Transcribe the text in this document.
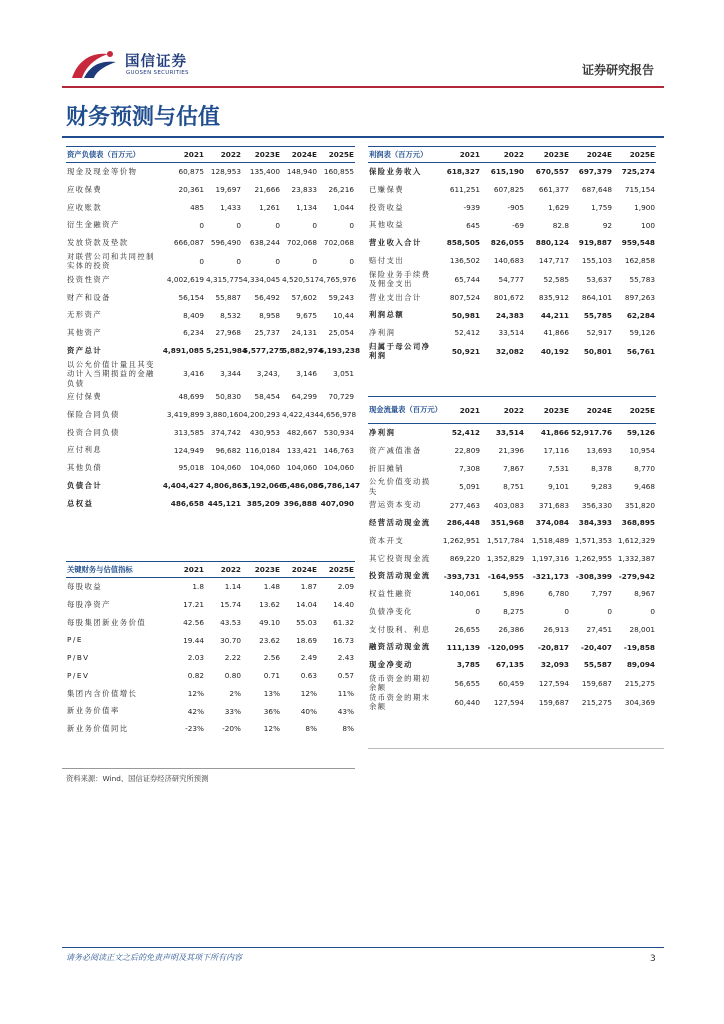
国信证券
GUOSEN SECURITIES	证券研究报告
财务预测与估值
资产负债表（百万元）	2021	2022	2023E	2024E	2025E
现金及现金等价物	60,875	128,953	135,400	148,940	160,855
应收保费	20,361	19,697	21,666	23,833	26,216
应收账款	485	1,433	1,261	1,134	1,044
衍生金融资产	0	0	0	0	0
发放贷款及垫款	666,087	596,490	638,244	702,068	702,068
对联营公司和共同控制实体的投资	0	0	0	0	0
投资性资产	4,002,619	4,315,775	4,334,045	4,520,517	4,765,976
财产和设备	56,154	55,887	56,492	57,602	59,243
无形资产	8,409	8,532	8,958	9,675	10,44
其他资产	6,234	27,968	25,737	24,131	25,054
资产总计	4,891,085	5,251,984	5,577,275	5,882,974	6,193,238
以公允价值计量且其变动计入当期损益的金融负债	3,416	3,344	3,243,	3,146	3,051
应付保费	48,699	50,830	58,454	64,299	70,729
保险合同负债	3,419,899	3,880,160	4,200,293	4,422,434	4,656,978
投资合同负债	313,585	374,742	430,953	482,667	530,934
应付利息	124,949	96,682	116,0184	133,421	146,763
其他负债	95,018	104,060	104,060	104,060	104,060
负债合计	4,404,427	4,806,863	5,192,066	5,486,086	5,786,147
总权益	486,658	445,121	385,209	396,888	407,090
关键财务与估值指标	2021	2022	2023E	2024E	2025E
每股收益	1.8	1.14	1.48	1.87	2.09
每股净资产	17.21	15.74	13.62	14.04	14.40
每股集团新业务价值	42.56	43.53	49.10	55.03	61.32
P/E	19.44	30.70	23.62	18.69	16.73
P/BV	2.03	2.22	2.56	2.49	2.43
P/EV	0.82	0.80	0.71	0.63	0.57
集团内含价值增长	12%	2%	13%	12%	11%
新业务价值率	42%	33%	36%	40%	43%
新业务价值同比	-23%	-20%	12%	8%	8%
利润表（百万元）	2021	2022	2023E	2024E	2025E
保险业务收入	618,327	615,190	670,557	697,379	725,274
已赚保费	611,251	607,825	661,377	687,648	715,154
投资收益	-939	-905	1,629	1,759	1,900
其他收益	645	-69	82.8	92	100
营业收入合计	858,505	826,055	880,124	919,887	959,548
赔付支出	136,502	140,683	147,717	155,103	162,858
保险业务手续费及佣金支出	65,744	54,777	52,585	53,637	55,783
营业支出合计	807,524	801,672	835,912	864,101	897,263
利润总额	50,981	24,383	44,211	55,785	62,284
净利润	52,412	33,514	41,866	52,917	59,126
归属于母公司净利润	50,921	32,082	40,192	50,801	56,761
现金流量表（百万元）	2021	2022	2023E	2024E	2025E
净利润	52,412	33,514	41,866	52,917.76	59,126
资产减值准备	22,809	21,396	17,116	13,693	10,954
折旧摊销	7,308	7,867	7,531	8,378	8,770
公允价值变动损失	5,091	8,751	9,101	9,283	9,468
营运资本变动	277,463	403,083	371,683	356,330	351,820
经营活动现金流	286,448	351,968	374,084	384,393	368,895
资本开支	1,262,951	1,517,784	1,518,489	1,571,353	1,612,329
其它投资现金流	869,220	1,352,829	1,197,316	1,262,955	1,332,387
投资活动现金流	-393,731	-164,955	-321,173	-308,399	-279,942
权益性融资	140,061	5,896	6,780	7,797	8,967
负债净变化	0	8,275	0	0	0
支付股利、利息	26,655	26,386	26,913	27,451	28,001
融资活动现金流	111,139	-120,095	-20,817	-20,407	-19,858
现金净变动	3,785	67,135	32,093	55,587	89,094
货币资金的期初余额	56,655	60,459	127,594	159,687	215,275
货币资金的期末余额	60,440	127,594	159,687	215,275	304,369
资料来源：Wind、国信证券经济研究所预测
请务必阅读正文之后的免责声明及其项下所有内容	3
